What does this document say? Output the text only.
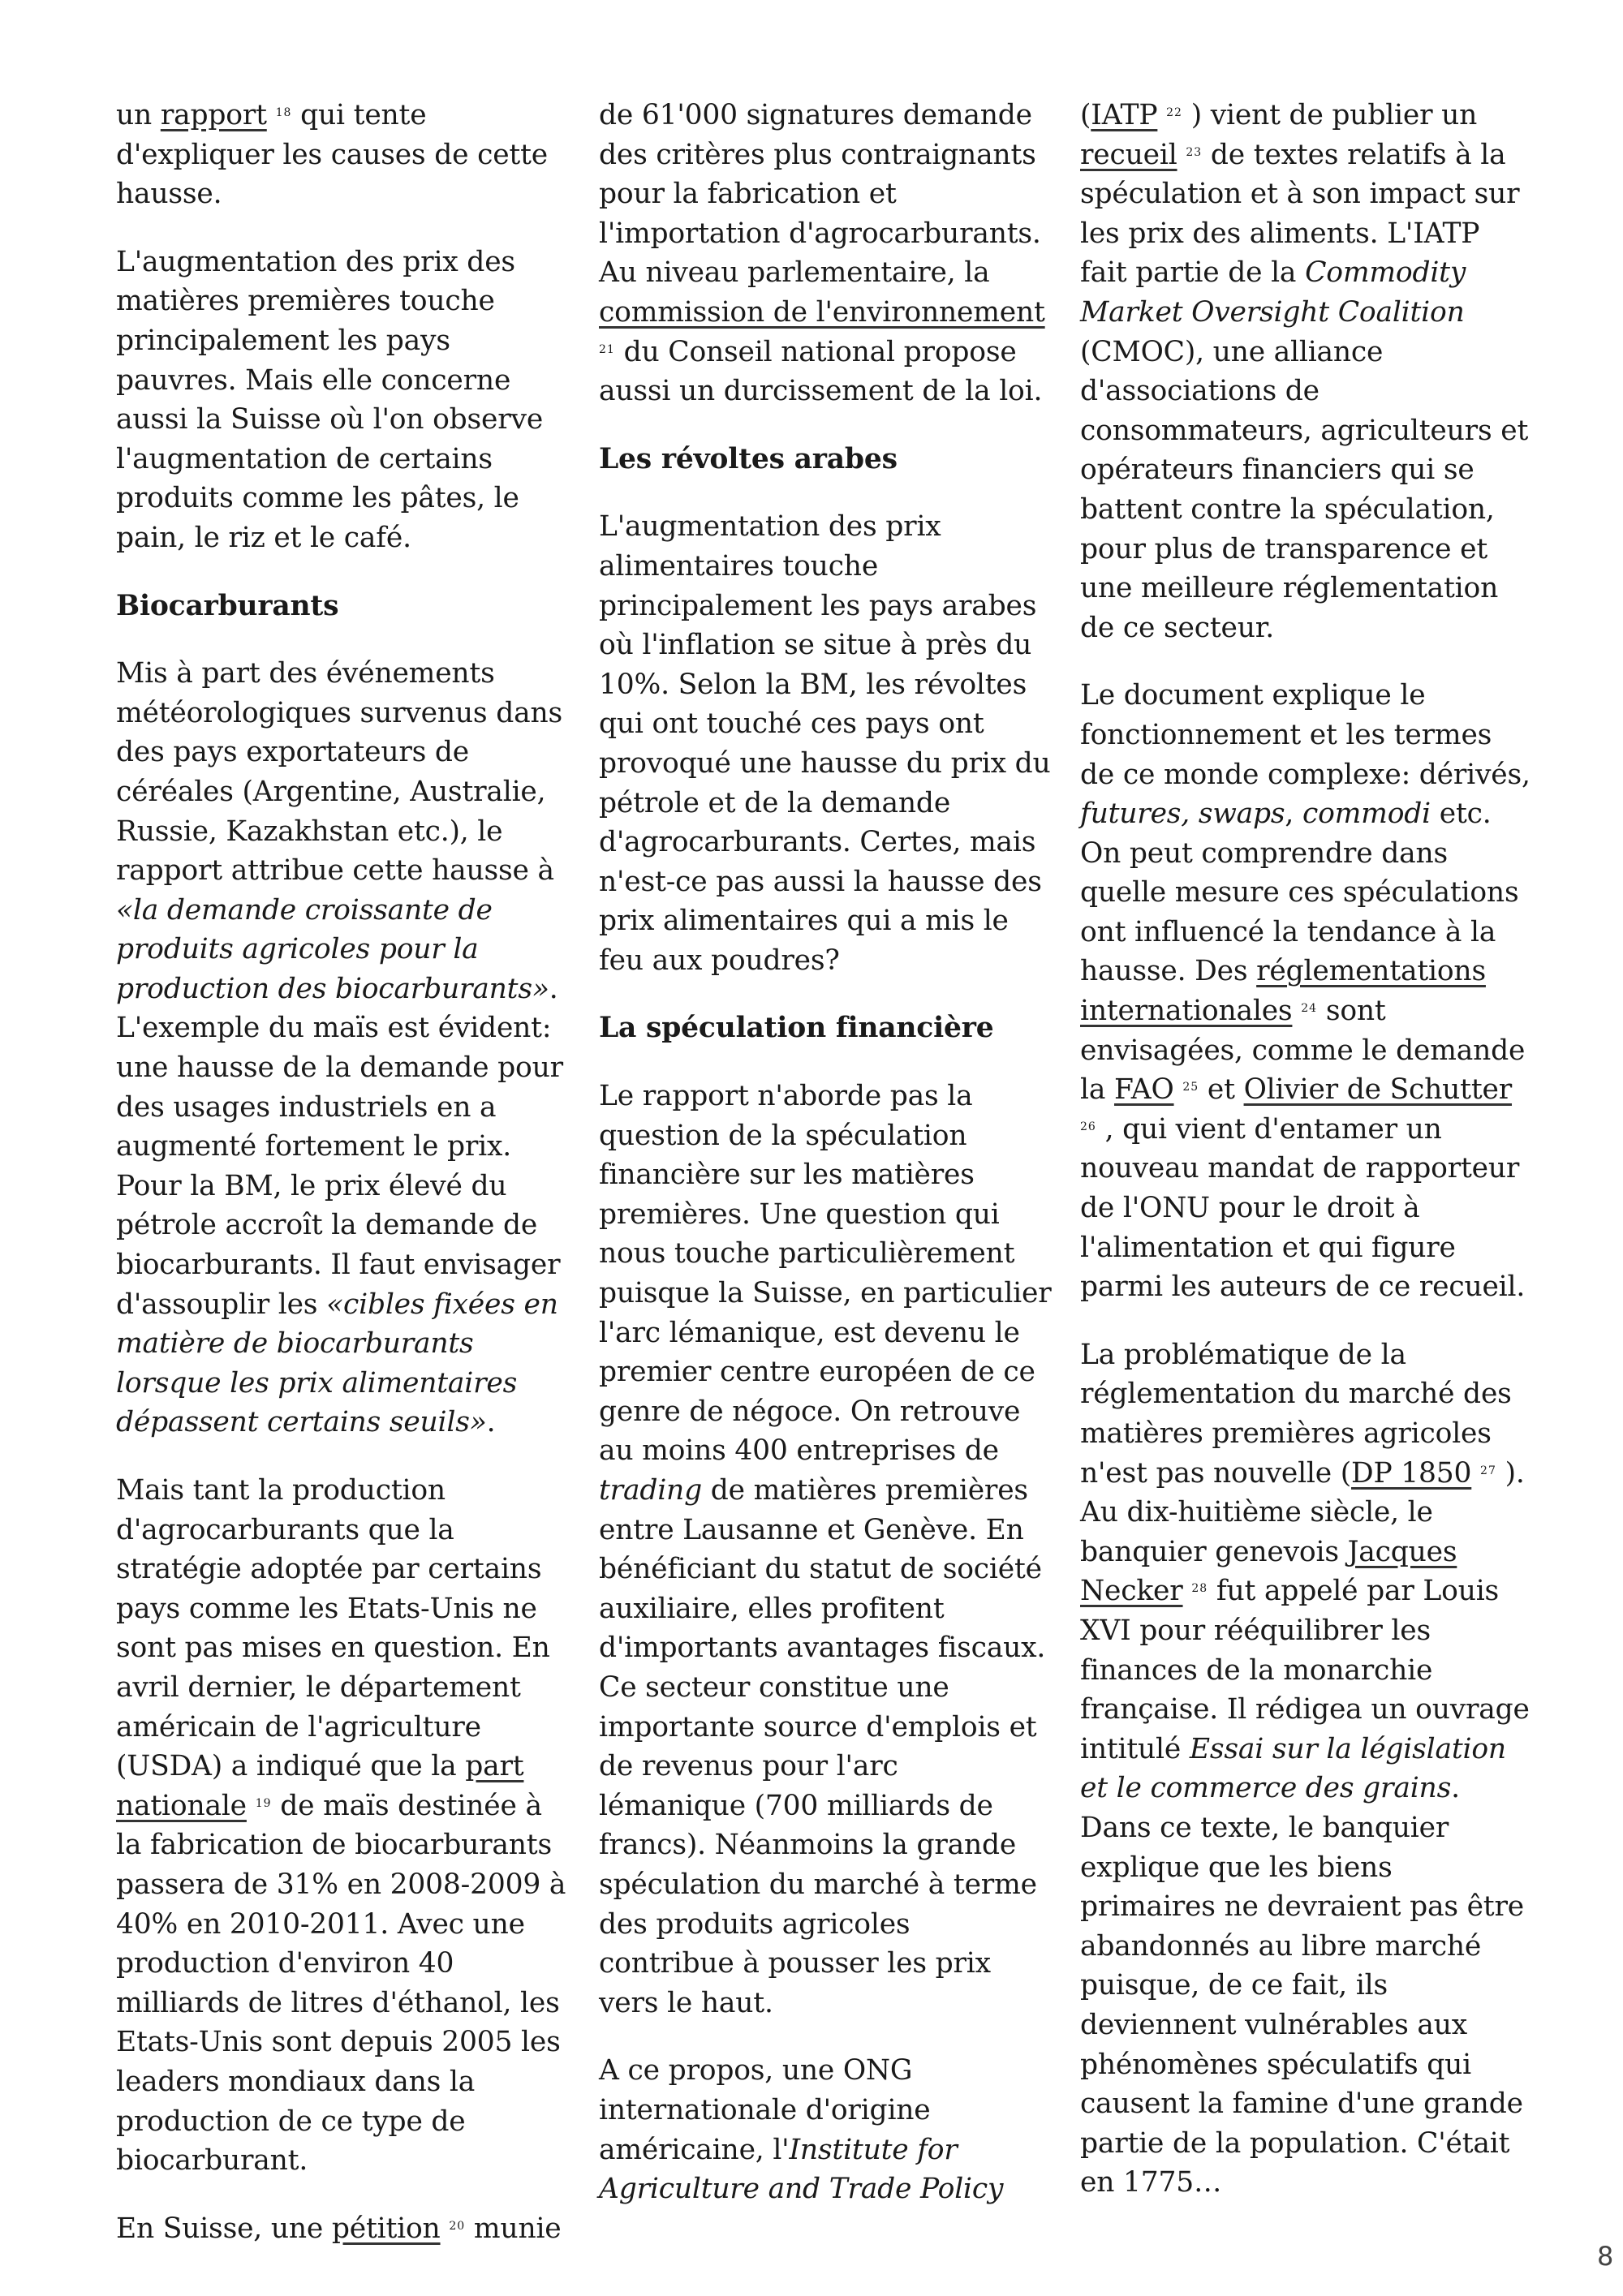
un rapport $^{18}$ qui tente d'expliquer les causes de cette hausse.

L'augmentation des prix des matières premières touche principalement les pays pauvres. Mais elle concerne aussi la Suisse où l'on observe l'augmentation de certains produits comme les pâtes, le pain, le riz et le café.

Biocarburants

Mis à part des événements météorologiques survenus dans des pays exportateurs de céréales (Argentine, Australie, Russie, Kazakhstan etc.), le rapport attribue cette hausse à «la demande croissante de produits agricoles pour la production des biocarburants». L'exemple du maïs est évident: une hausse de la demande pour des usages industriels en a augmenté fortement le prix. Pour la BM, le prix élevé du pétrole accroît la demande de biocarburants. Il faut envisager d'assouplir les «cibles fixées en matière de biocarburants lorsque les prix alimentaires dépassent certains seuils».

Mais tant la production d'agrocarburants que la stratégie adoptée par certains pays comme les Etats-Unis ne sont pas mises en question. En avril dernier, le département américain de l'agriculture (USDA) a indiqué que la part nationale $^{19}$ de maïs destinée à la fabrication de biocarburants passera de 31% en 2008-2009 à 40% en 2010-2011. Avec une production d'environ 40 milliards de litres d'éthanol, les Etats-Unis sont depuis 2005 les leaders mondiaux dans la production de ce type de biocarburant.

En Suisse, une pétition $^{20}$ munie

de 61'000 signatures demande des critères plus contraignants pour la fabrication et l'importation d'agrocarburants. Au niveau parlementaire, la commission de l'environnement $^{21}$ du Conseil national propose aussi un durcissement de la loi.

Les révoltes arabes

L'augmentation des prix alimentaires touche principalement les pays arabes où l'inflation se situe à près du 10%. Selon la BM, les révoltes qui ont touché ces pays ont provoqué une hausse du prix du pétrole et de la demande d'agrocarburants. Certes, mais n'est-ce pas aussi la hausse des prix alimentaires qui a mis le feu aux poudres?

La spéculation financière

Le rapport n'aborde pas la question de la spéculation financière sur les matières premières. Une question qui nous touche particulièrement puisque la Suisse, en particulier l'arc lémanique, est devenu le premier centre européen de ce genre de négoce. On retrouve au moins 400 entreprises de trading de matières premières entre Lausanne et Genève. En bénéficiant du statut de société auxiliaire, elles profitent d'importants avantages fiscaux. Ce secteur constitue une importante source d'emplois et de revenus pour l'arc lémanique (700 milliards de francs). Néanmoins la grande spéculation du marché à terme des produits agricoles contribue à pousser les prix vers le haut.

A ce propos, une ONG internationale d'origine américaine, l'Institute for Agriculture and Trade Policy

(IATP $^{22}$ ) vient de publier un recueil $^{23}$ de textes relatifs à la spéculation et à son impact sur les prix des aliments. L'IATP fait partie de la Commodity Market Oversight Coalition (CMOC), une alliance d'associations de consommateurs, agriculteurs et opérateurs financiers qui se battent contre la spéculation, pour plus de transparence et une meilleure réglementation de ce secteur.

Le document explique le fonctionnement et les termes de ce monde complexe: dérivés, futures, swaps, commodi etc. On peut comprendre dans quelle mesure ces spéculations ont influencé la tendance à la hausse. Des réglementations internationales $^{24}$ sont envisagées, comme le demande la FAO $^{25}$ et Olivier de Schutter $^{26}$ , qui vient d'entamer un nouveau mandat de rapporteur de l'ONU pour le droit à l'alimentation et qui figure parmi les auteurs de ce recueil.

La problématique de la réglementation du marché des matières premières agricoles n'est pas nouvelle (DP 1850 $^{27}$ ). Au dix-huitième siècle, le banquier genevois Jacques Necker $^{28}$ fut appelé par Louis XVI pour rééquilibrer les finances de la monarchie française. Il rédigea un ouvrage intitulé Essai sur la législation et le commerce des grains. Dans ce texte, le banquier explique que les biens primaires ne devraient pas être abandonnés au libre marché puisque, de ce fait, ils deviennent vulnérables aux phénomènes spéculatifs qui causent la famine d'une grande partie de la population. C'était en 1775…

8
